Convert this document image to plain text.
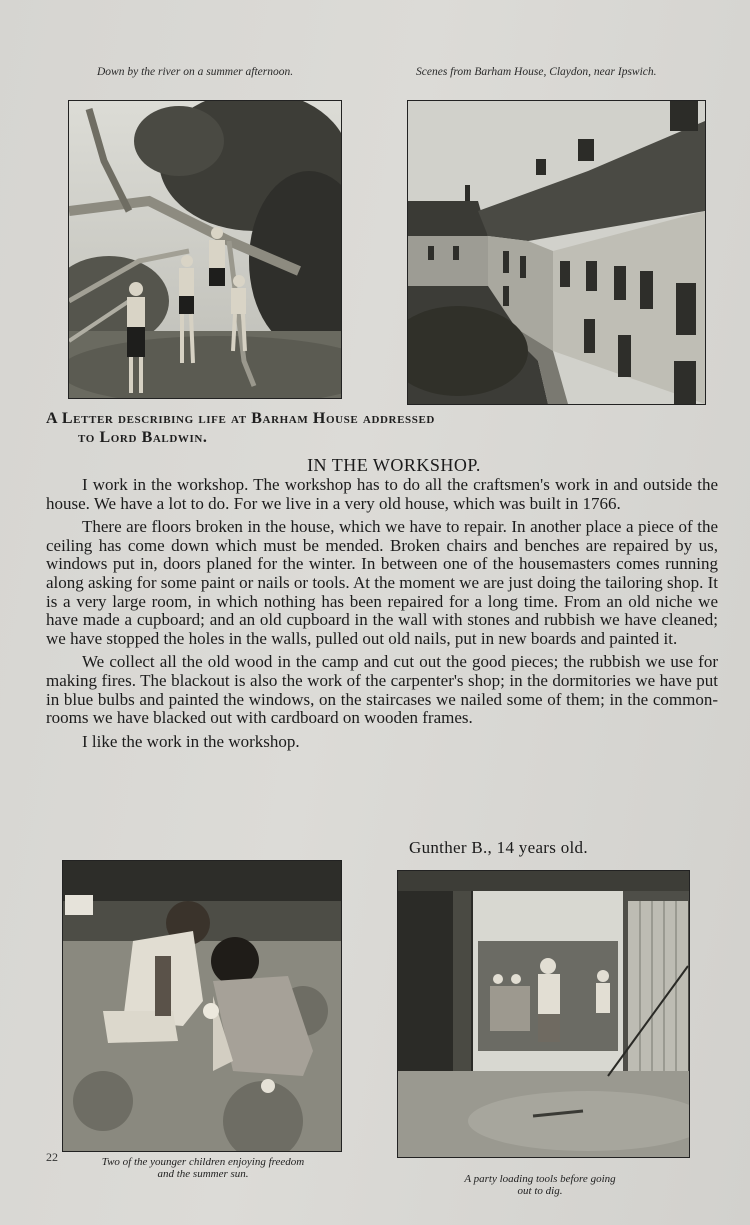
Down by the river on a summer afternoon.	Scenes from Barham House, Claydon, near Ipswich.
A Letter describing life at Barham House addressed
to Lord Baldwin.
IN THE WORKSHOP.

I work in the workshop. The workshop has to do all the craftsmen's work in and outside the house. We have a lot to do. For we live in a very old house, which was built in 1766.

There are floors broken in the house, which we have to repair. In another place a piece of the ceiling has come down which must be mended. Broken chairs and benches are repaired by us, windows put in, doors planed for the winter. In between one of the housemasters comes running along asking for some paint or nails or tools. At the moment we are just doing the tailoring shop. It is a very large room, in which nothing has been repaired for a long time. From an old niche we have made a cupboard; and an old cupboard in the wall with stones and rubbish we have cleaned; we have stopped the holes in the walls, pulled out old nails, put in new boards and painted it.

We collect all the old wood in the camp and cut out the good pieces; the rubbish we use for making fires. The blackout is also the work of the carpenter's shop; in the dormitories we have put in blue bulbs and painted the windows, on the staircases we nailed some of them; in the common-rooms we have blacked out with cardboard on wooden frames.

I like the work in the workshop.

Gunther B., 14 years old.
Two of the younger children enjoying freedom
and the summer sun.	A party loading tools before going
out to dig.
22
